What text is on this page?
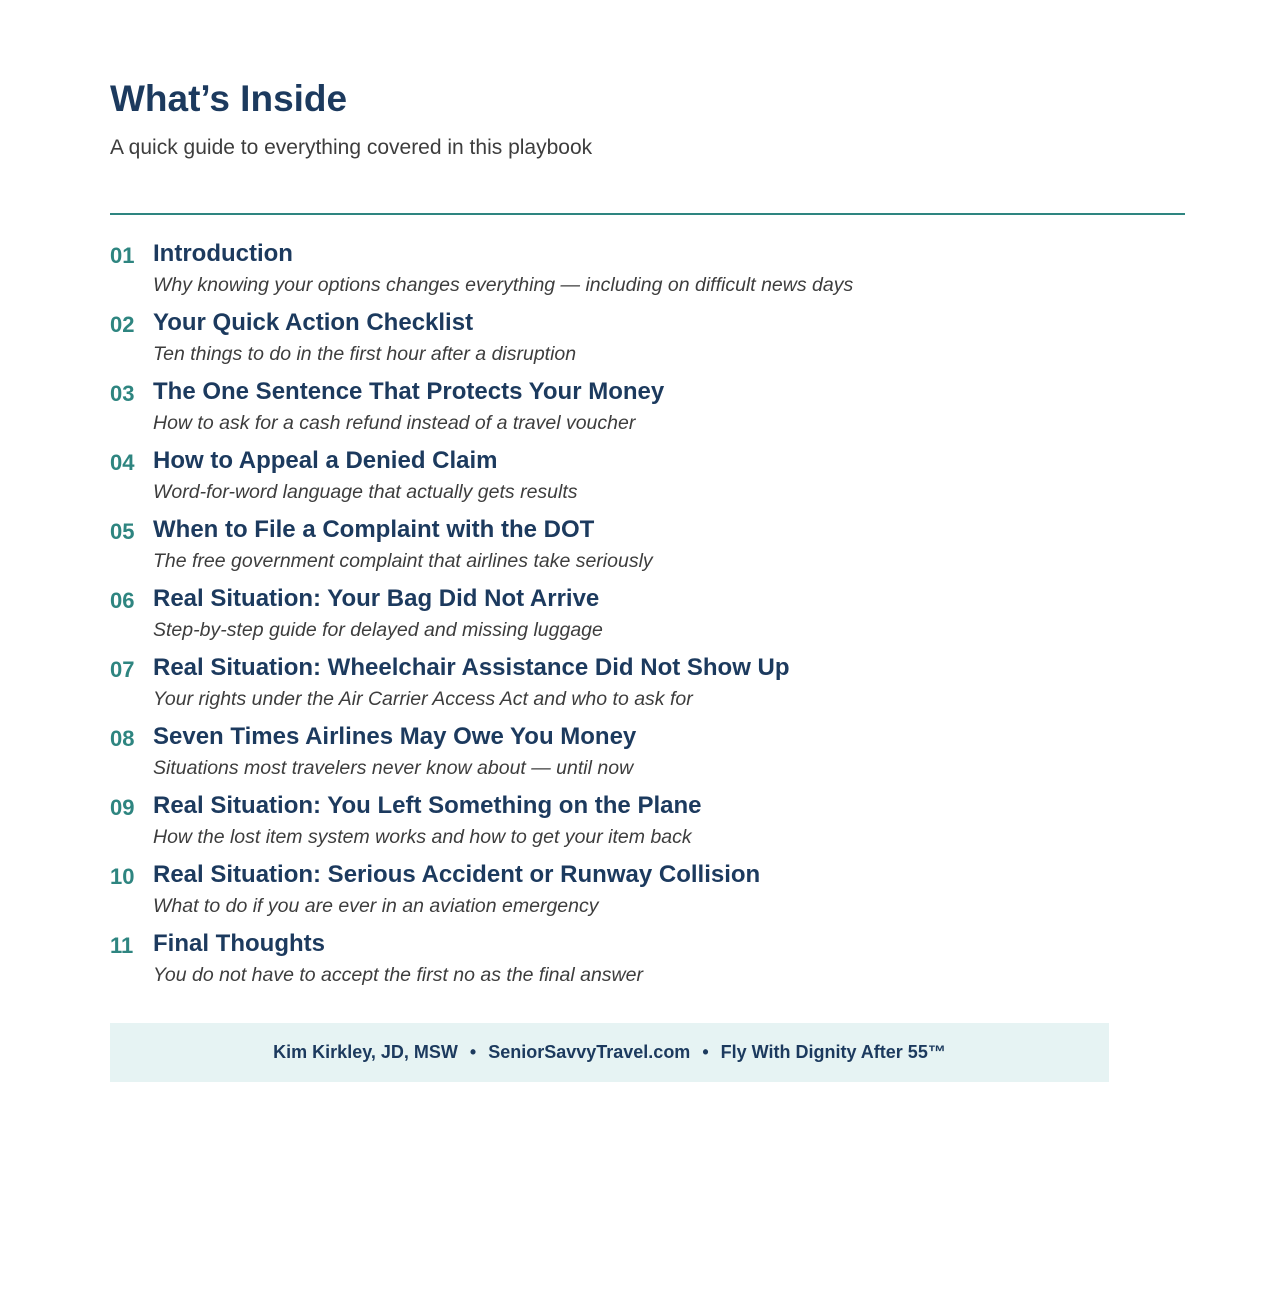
What’s Inside

A quick guide to everything covered in this playbook

01 Introduction
Why knowing your options changes everything — including on difficult news days
02 Your Quick Action Checklist
Ten things to do in the first hour after a disruption
03 The One Sentence That Protects Your Money
How to ask for a cash refund instead of a travel voucher
04 How to Appeal a Denied Claim
Word-for-word language that actually gets results
05 When to File a Complaint with the DOT
The free government complaint that airlines take seriously
06 Real Situation: Your Bag Did Not Arrive
Step-by-step guide for delayed and missing luggage
07 Real Situation: Wheelchair Assistance Did Not Show Up
Your rights under the Air Carrier Access Act and who to ask for
08 Seven Times Airlines May Owe You Money
Situations most travelers never know about — until now
09 Real Situation: You Left Something on the Plane
How the lost item system works and how to get your item back
10 Real Situation: Serious Accident or Runway Collision
What to do if you are ever in an aviation emergency
11 Final Thoughts
You do not have to accept the first no as the final answer
Kim Kirkley, JD, MSW • SeniorSavvyTravel.com • Fly With Dignity After 55™
